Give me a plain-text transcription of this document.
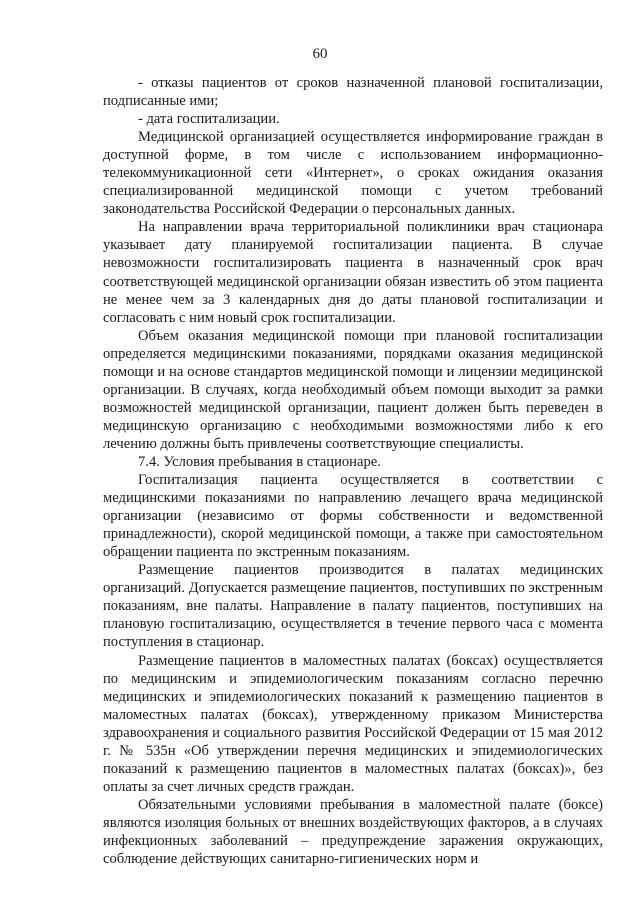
60

- отказы пациентов от сроков назначенной плановой госпитализации, подписанные ими;

- дата госпитализации.

Медицинской организацией осуществляется информирование граждан в доступной форме, в том числе с использованием информационно-телекоммуникационной сети «Интернет», о сроках ожидания оказания специализированной медицинской помощи с учетом требований законодательства Российской Федерации о персональных данных.

На направлении врача территориальной поликлиники врач стационара указывает дату планируемой госпитализации пациента. В случае невозможности госпитализировать пациента в назначенный срок врач соответствующей медицинской организации обязан известить об этом пациента не менее чем за 3 календарных дня до даты плановой госпитализации и согласовать с ним новый срок госпитализации.

Объем оказания медицинской помощи при плановой госпитализации определяется медицинскими показаниями, порядками оказания медицинской помощи и на основе стандартов медицинской помощи и лицензии медицинской организации. В случаях, когда необходимый объем помощи выходит за рамки возможностей медицинской организации, пациент должен быть переведен в медицинскую организацию с необходимыми возможностями либо к его лечению должны быть привлечены соответствующие специалисты.

7.4. Условия пребывания в стационаре.

Госпитализация пациента осуществляется в соответствии с медицинскими показаниями по направлению лечащего врача медицинской организации (независимо от формы собственности и ведомственной принадлежности), скорой медицинской помощи, а также при самостоятельном обращении пациента по экстренным показаниям.

Размещение пациентов производится в палатах медицинских организаций. Допускается размещение пациентов, поступивших по экстренным показаниям, вне палаты. Направление в палату пациентов, поступивших на плановую госпитализацию, осуществляется в течение первого часа с момента поступления в стационар.

Размещение пациентов в маломестных палатах (боксах) осуществляется по медицинским и эпидемиологическим показаниям согласно перечню медицинских и эпидемиологических показаний к размещению пациентов в маломестных палатах (боксах), утвержденному приказом Министерства здравоохранения и социального развития Российской Федерации от 15 мая 2012 г. № 535н «Об утверждении перечня медицинских и эпидемиологических показаний к размещению пациентов в маломестных палатах (боксах)», без оплаты за счет личных средств граждан.

Обязательными условиями пребывания в маломестной палате (боксе) являются изоляция больных от внешних воздействующих факторов, а в случаях инфекционных заболеваний – предупреждение заражения окружающих, соблюдение действующих санитарно-гигиенических норм и
